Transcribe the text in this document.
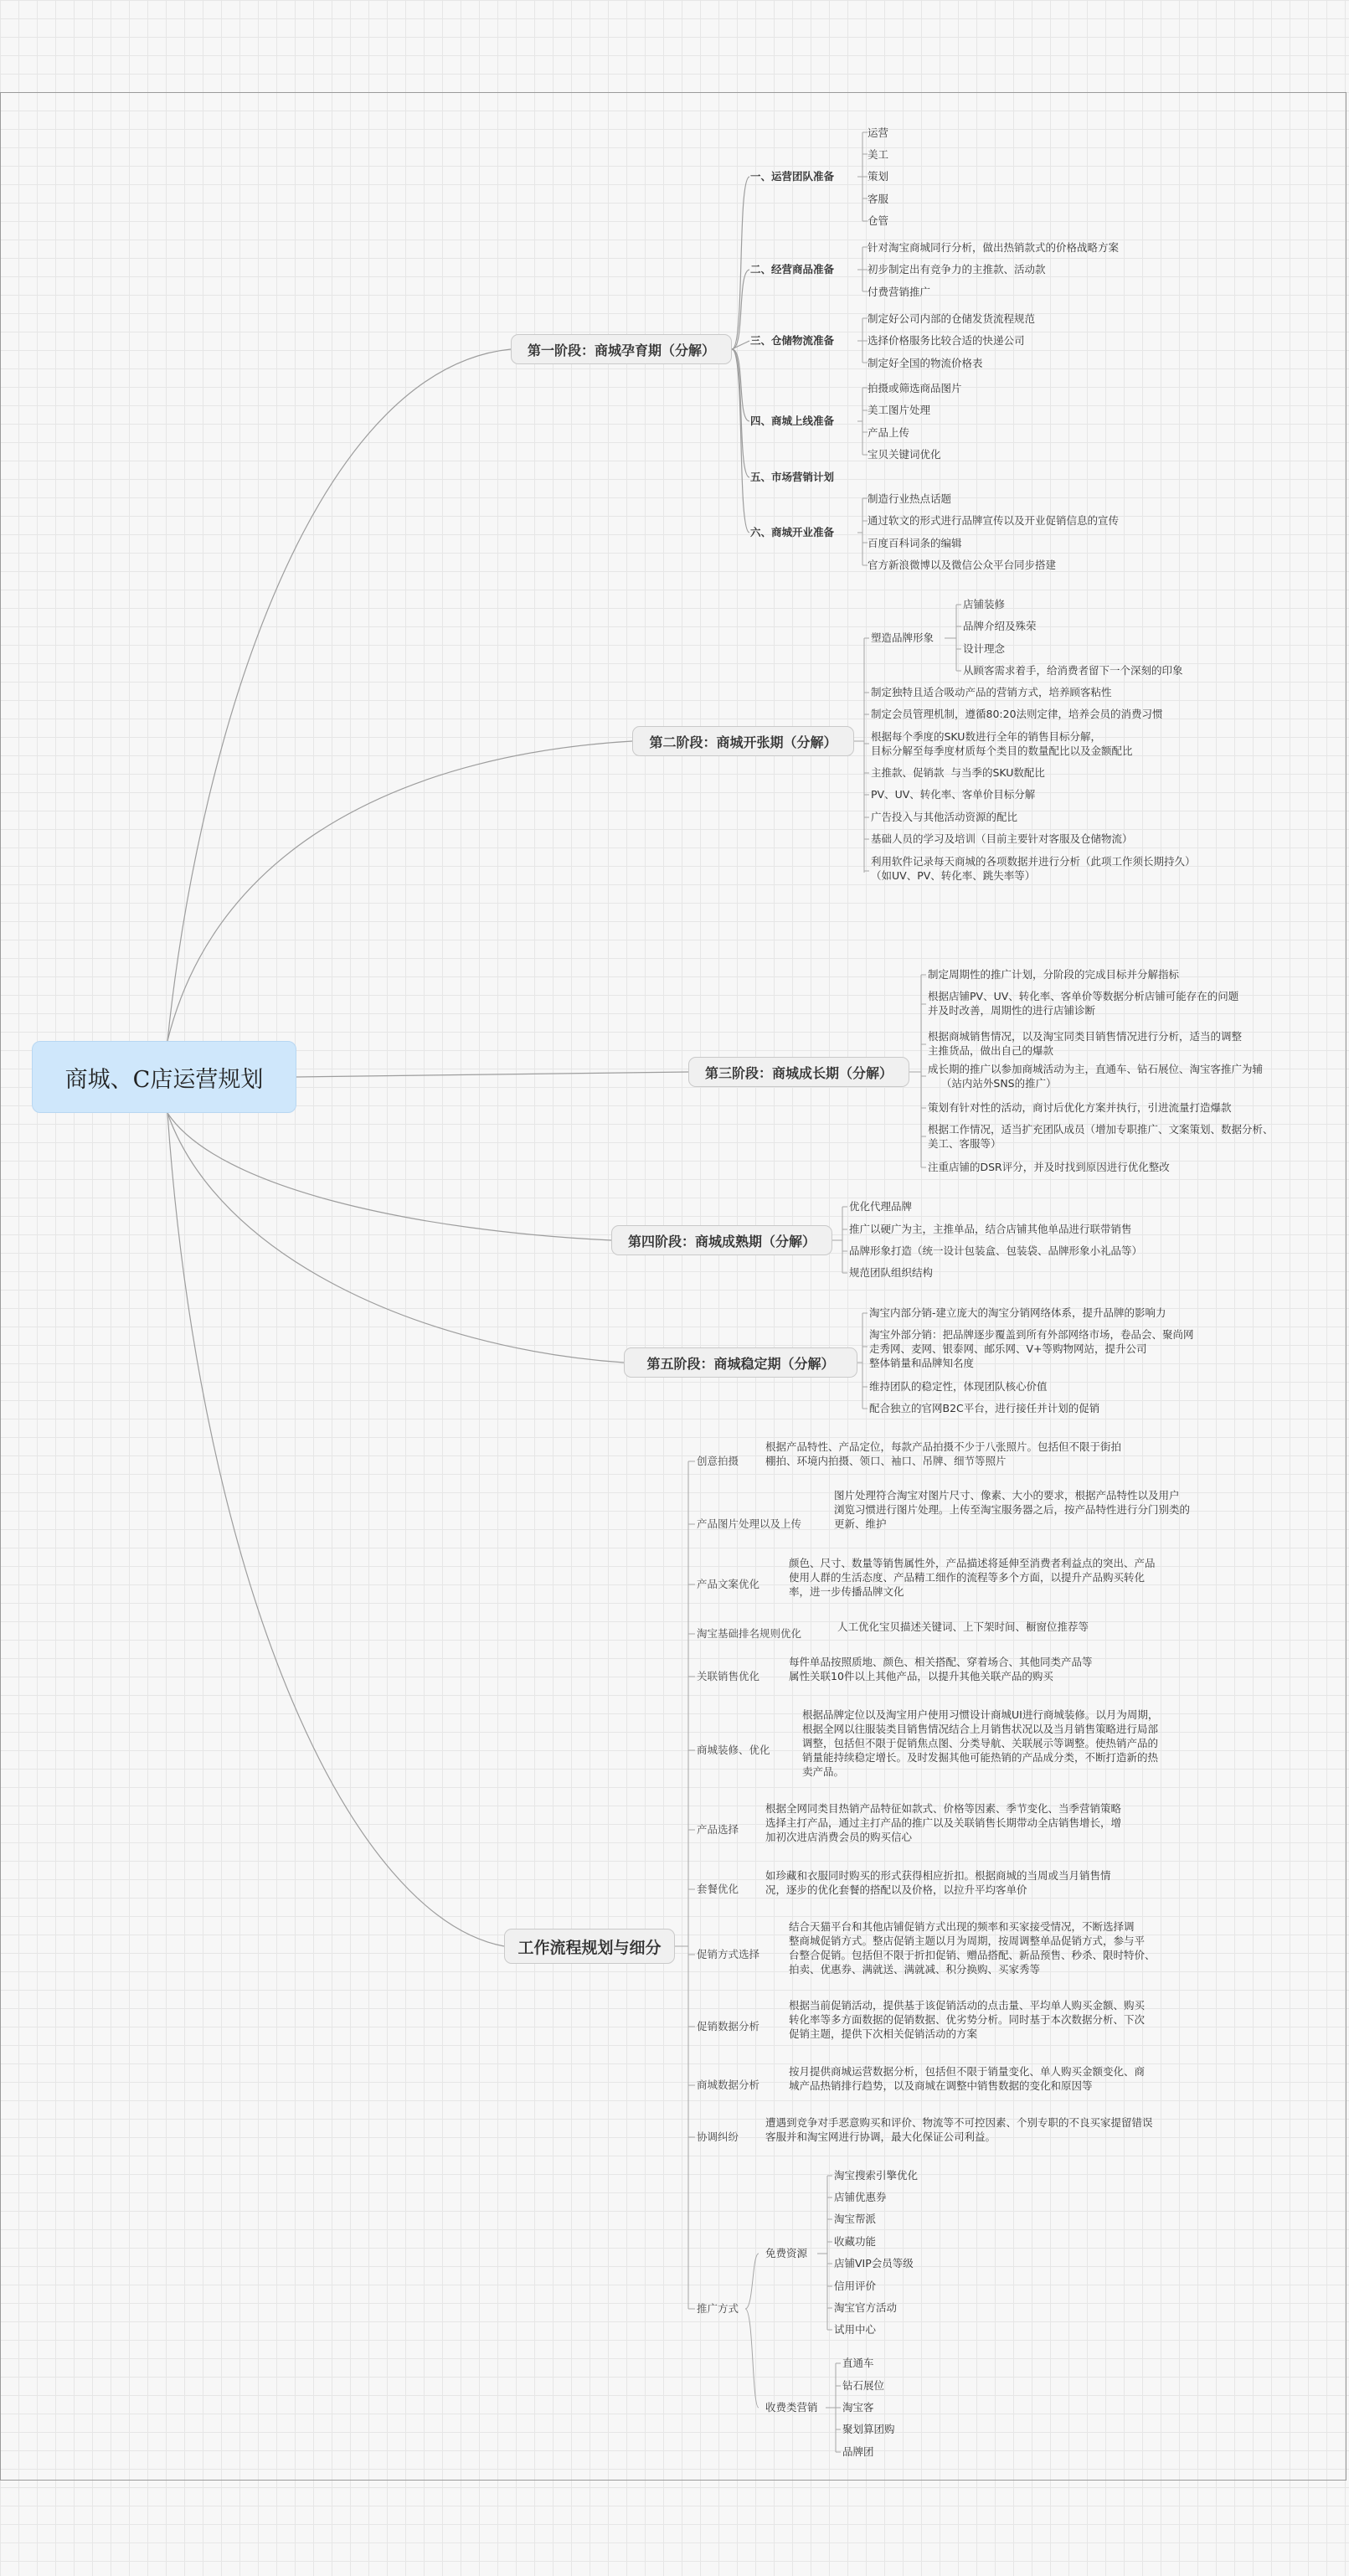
商城、C店运营规划
第一阶段：商城孕育期（分解）
一、运营团队准备
运营
美工
策划
客服
仓管
二、经营商品准备
针对淘宝商城同行分析，做出热销款式的价格战略方案
初步制定出有竞争力的主推款、活动款
付费营销推广
三、仓储物流准备
制定好公司内部的仓储发货流程规范
选择价格服务比较合适的快递公司
制定好全国的物流价格表
四、商城上线准备
拍摄或筛选商品图片
美工图片处理
产品上传
宝贝关键词优化
五、市场营销计划
六、商城开业准备
制造行业热点话题
通过软文的形式进行品牌宣传以及开业促销信息的宣传
百度百科词条的编辑
官方新浪微博以及微信公众平台同步搭建
第二阶段：商城开张期（分解）
塑造品牌形象
店铺装修
品牌介绍及殊荣
设计理念
从顾客需求着手，给消费者留下一个深刻的印象
制定独特且适合吸动产品的营销方式，培养顾客粘性
制定会员管理机制，遵循80:20法则定律，培养会员的消费习惯
根据每个季度的SKU数进行全年的销售目标分解，
目标分解至每季度材质每个类目的数量配比以及金额配比
主推款、促销款  与当季的SKU数配比
PV、UV、转化率、客单价目标分解
广告投入与其他活动资源的配比
基础人员的学习及培训（目前主要针对客服及仓储物流）
利用软件记录每天商城的各项数据并进行分析（此项工作须长期持久）
（如UV、PV、转化率、跳失率等）
第三阶段：商城成长期（分解）
制定周期性的推广计划，分阶段的完成目标并分解指标
根据店铺PV、UV、转化率、客单价等数据分析店铺可能存在的问题
并及时改善，周期性的进行店铺诊断
根据商城销售情况，以及淘宝同类目销售情况进行分析，适当的调整
主推货品，做出自己的爆款
成长期的推广以参加商城活动为主，直通车、钻石展位、淘宝客推广为辅
（站内站外SNS的推广）
策划有针对性的活动，商讨后优化方案并执行，引进流量打造爆款
根据工作情况，适当扩充团队成员（增加专职推广、文案策划、数据分析、
美工、客服等）
注重店铺的DSR评分，并及时找到原因进行优化整改
第四阶段：商城成熟期（分解）
优化代理品牌
推广以硬广为主，主推单品，结合店铺其他单品进行联带销售
品牌形象打造（统一设计包装盒、包装袋、品牌形象小礼品等）
规范团队组织结构
第五阶段：商城稳定期（分解）
淘宝内部分销-建立庞大的淘宝分销网络体系，提升品牌的影响力
淘宝外部分销：把品牌逐步覆盖到所有外部网络市场，卷品会、聚尚网
走秀网、麦网、银泰网、邮乐网、V+等购物网站，提升公司
整体销量和品牌知名度
维持团队的稳定性，体现团队核心价值
配合独立的官网B2C平台，进行接任并计划的促销
工作流程规划与细分
创意拍摄
根据产品特性、产品定位，每款产品拍摄不少于八张照片。包括但不限于街拍
棚拍、环境内拍摄、领口、袖口、吊牌、细节等照片
产品图片处理以及上传
图片处理符合淘宝对图片尺寸、像素、大小的要求，根据产品特性以及用户
浏览习惯进行图片处理。上传至淘宝服务器之后，按产品特性进行分门别类的
更新、维护
产品文案优化
颜色、尺寸、数量等销售属性外，产品描述将延伸至消费者利益点的突出、产品
使用人群的生活态度、产品精工细作的流程等多个方面，以提升产品购买转化
率，进一步传播品牌文化
淘宝基础排名规则优化
人工优化宝贝描述关键词、上下架时间、橱窗位推荐等
关联销售优化
每件单品按照质地、颜色、相关搭配、穿着场合、其他同类产品等
属性关联10件以上其他产品，以提升其他关联产品的购买
商城装修、优化
根据品牌定位以及淘宝用户使用习惯设计商城UI进行商城装修。以月为周期，
根据全网以往服装类目销售情况结合上月销售状况以及当月销售策略进行局部
调整，包括但不限于促销焦点图、分类导航、关联展示等调整。使热销产品的
销量能持续稳定增长。及时发掘其他可能热销的产品成分类，不断打造新的热
卖产品。
产品选择
根据全网同类目热销产品特征如款式、价格等因素、季节变化、当季营销策略
选择主打产品，通过主打产品的推广以及关联销售长期带动全店销售增长，增
加初次进店消费会员的购买信心
套餐优化
如珍藏和衣服同时购买的形式获得相应折扣。根据商城的当周或当月销售情
况，逐步的优化套餐的搭配以及价格，以拉升平均客单价
促销方式选择
结合天猫平台和其他店铺促销方式出现的频率和买家接受情况，不断选择调
整商城促销方式。整店促销主题以月为周期，按周调整单品促销方式，参与平
台整合促销。包括但不限于折扣促销、赠品搭配、新品预售、秒杀、限时特价、
拍卖、优惠券、满就送、满就减、积分换购、买家秀等
促销数据分析
根据当前促销活动，提供基于该促销活动的点击量、平均单人购买金额、购买
转化率等多方面数据的促销数据、优劣势分析。同时基于本次数据分析、下次
促销主题，提供下次相关促销活动的方案
商城数据分析
按月提供商城运营数据分析，包括但不限于销量变化、单人购买金额变化、商
城产品热销排行趋势，以及商城在调整中销售数据的变化和原因等
协调纠纷
遭遇到竞争对手恶意购买和评价、物流等不可控因素、个别专职的不良买家提留错误
客服并和淘宝网进行协调，最大化保证公司利益。
推广方式
免费资源
淘宝搜索引擎优化
店铺优惠券
淘宝帮派
收藏功能
店铺VIP会员等级
信用评价
淘宝官方活动
试用中心
收费类营销
直通车
钻石展位
淘宝客
聚划算团购
品牌团
